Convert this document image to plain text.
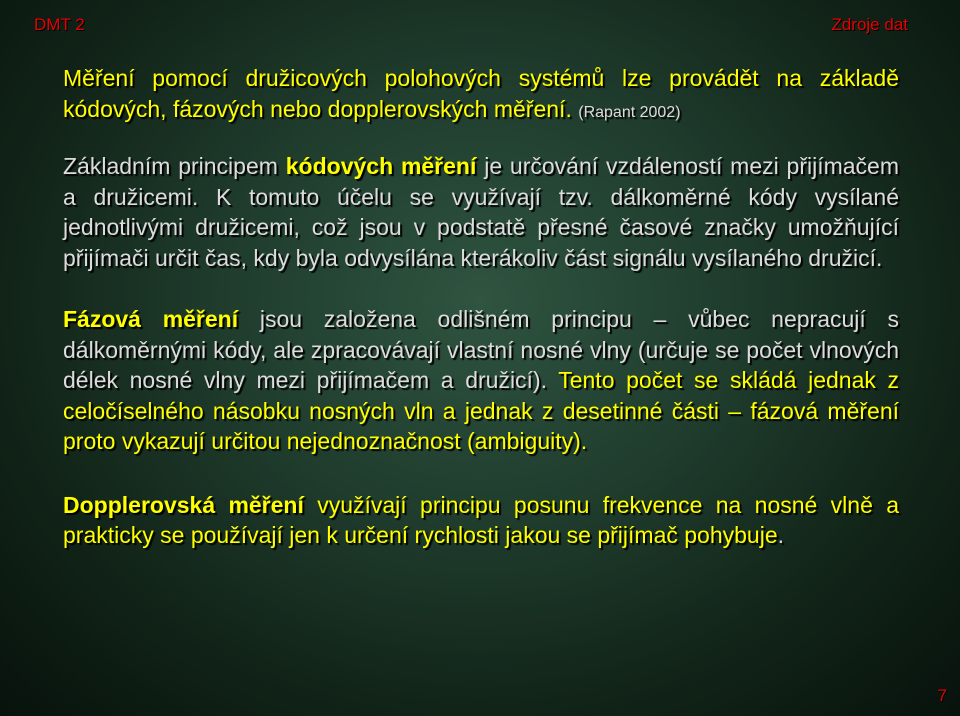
DMT 2	Zdroje dat

Měření pomocí družicových polohových systémů lze provádět na základě kódových, fázových nebo dopplerovských měření. (Rapant 2002)

Základním principem kódových měření je určování vzdáleností mezi přijímačem a družicemi. K tomuto účelu se využívají tzv. dálkoměrné kódy vysílané jednotlivými družicemi, což jsou v podstatě přesné časové značky umožňující přijímači určit čas, kdy byla odvysílána kterákoliv část signálu vysílaného družicí.

Fázová měření jsou založena odlišném principu – vůbec nepracují s dálkoměrnými kódy, ale zpracovávají vlastní nosné vlny (určuje se počet vlnových délek nosné vlny mezi přijímačem a družicí). Tento počet se skládá jednak z celočíselného násobku nosných vln a jednak z desetinné části – fázová měření proto vykazují určitou nejednoznačnost (ambiguity).

Dopplerovská měření využívají principu posunu frekvence na nosné vlně a prakticky se používají jen k určení rychlosti jakou se přijímač pohybuje.

7
